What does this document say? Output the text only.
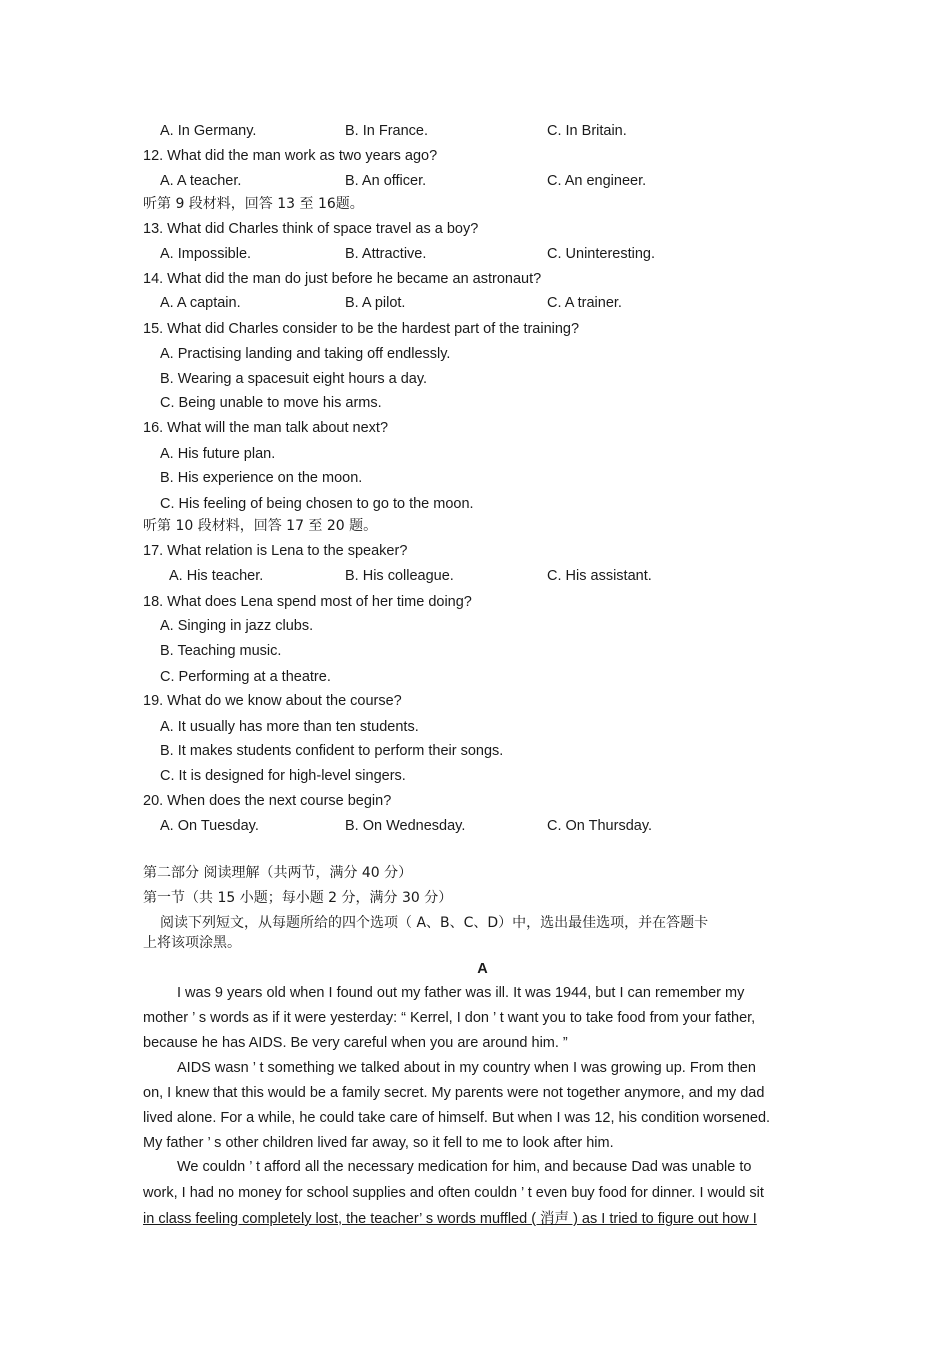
A. In Germany.	B. In France.	C. In Britain.
12. What did the man work as two years ago?
A. A teacher.	B. An officer.	C. An engineer.
听第 9 段材料，回答 13 至 16题。
13. What did Charles think of space travel as a boy?
A. Impossible.	B. Attractive.	C. Uninteresting.
14. What did the man do just before he became an astronaut?
A. A captain.	B. A pilot.	C. A trainer.
15. What did Charles consider to be the hardest part of the training?
A. Practising landing and taking off endlessly.
B. Wearing a spacesuit eight hours a day.
C. Being unable to move his arms.
16. What will the man talk about next?
A. His future plan.
B. His experience on the moon.
C. His feeling of being chosen to go to the moon.
听第 10 段材料，回答 17 至 20 题。
17. What relation is Lena to the speaker?
A. His teacher.	B. His colleague.	C. His assistant.
18. What does Lena spend most of her time doing?
A. Singing in jazz clubs.
B. Teaching music.
C. Performing at a theatre.
19. What do we know about the course?
A. It usually has more than ten students.
B. It makes students confident to perform their songs.
C. It is designed for high-level singers.
20. When does the next course begin?
A. On Tuesday.	B. On Wednesday.	C. On Thursday.
第二部分 阅读理解（共两节，满分 40 分）
第一节（共 15 小题；每小题 2 分，满分 30 分）
阅读下列短文，从每题所给的四个选项（ A、B、C、D）中，选出最佳选项，并在答题卡
上将该项涂黑。
A
I was 9 years old when I found out my father was ill. It was 1944, but I can remember my
mother ’ s words as if it were yesterday: “ Kerrel, I don ’ t want you to take food from your father,
because he has AIDS. Be very careful when you are around him. ”
AIDS wasn ’ t something we talked about in my country when I was growing up. From then
on, I knew that this would be a family secret. My parents were not together anymore, and my dad
lived alone. For a while, he could take care of himself. But when I was 12, his condition worsened.
My father ’ s other children lived far away, so it fell to me to look after him.
We couldn ’ t afford all the necessary medication for him, and because Dad was unable to
work, I had no money for school supplies and often couldn ’ t even buy food for dinner. I would sit
in class feeling completely lost, the teacher’ s words muffled ( 消声 ) as I tried to figure out how I
